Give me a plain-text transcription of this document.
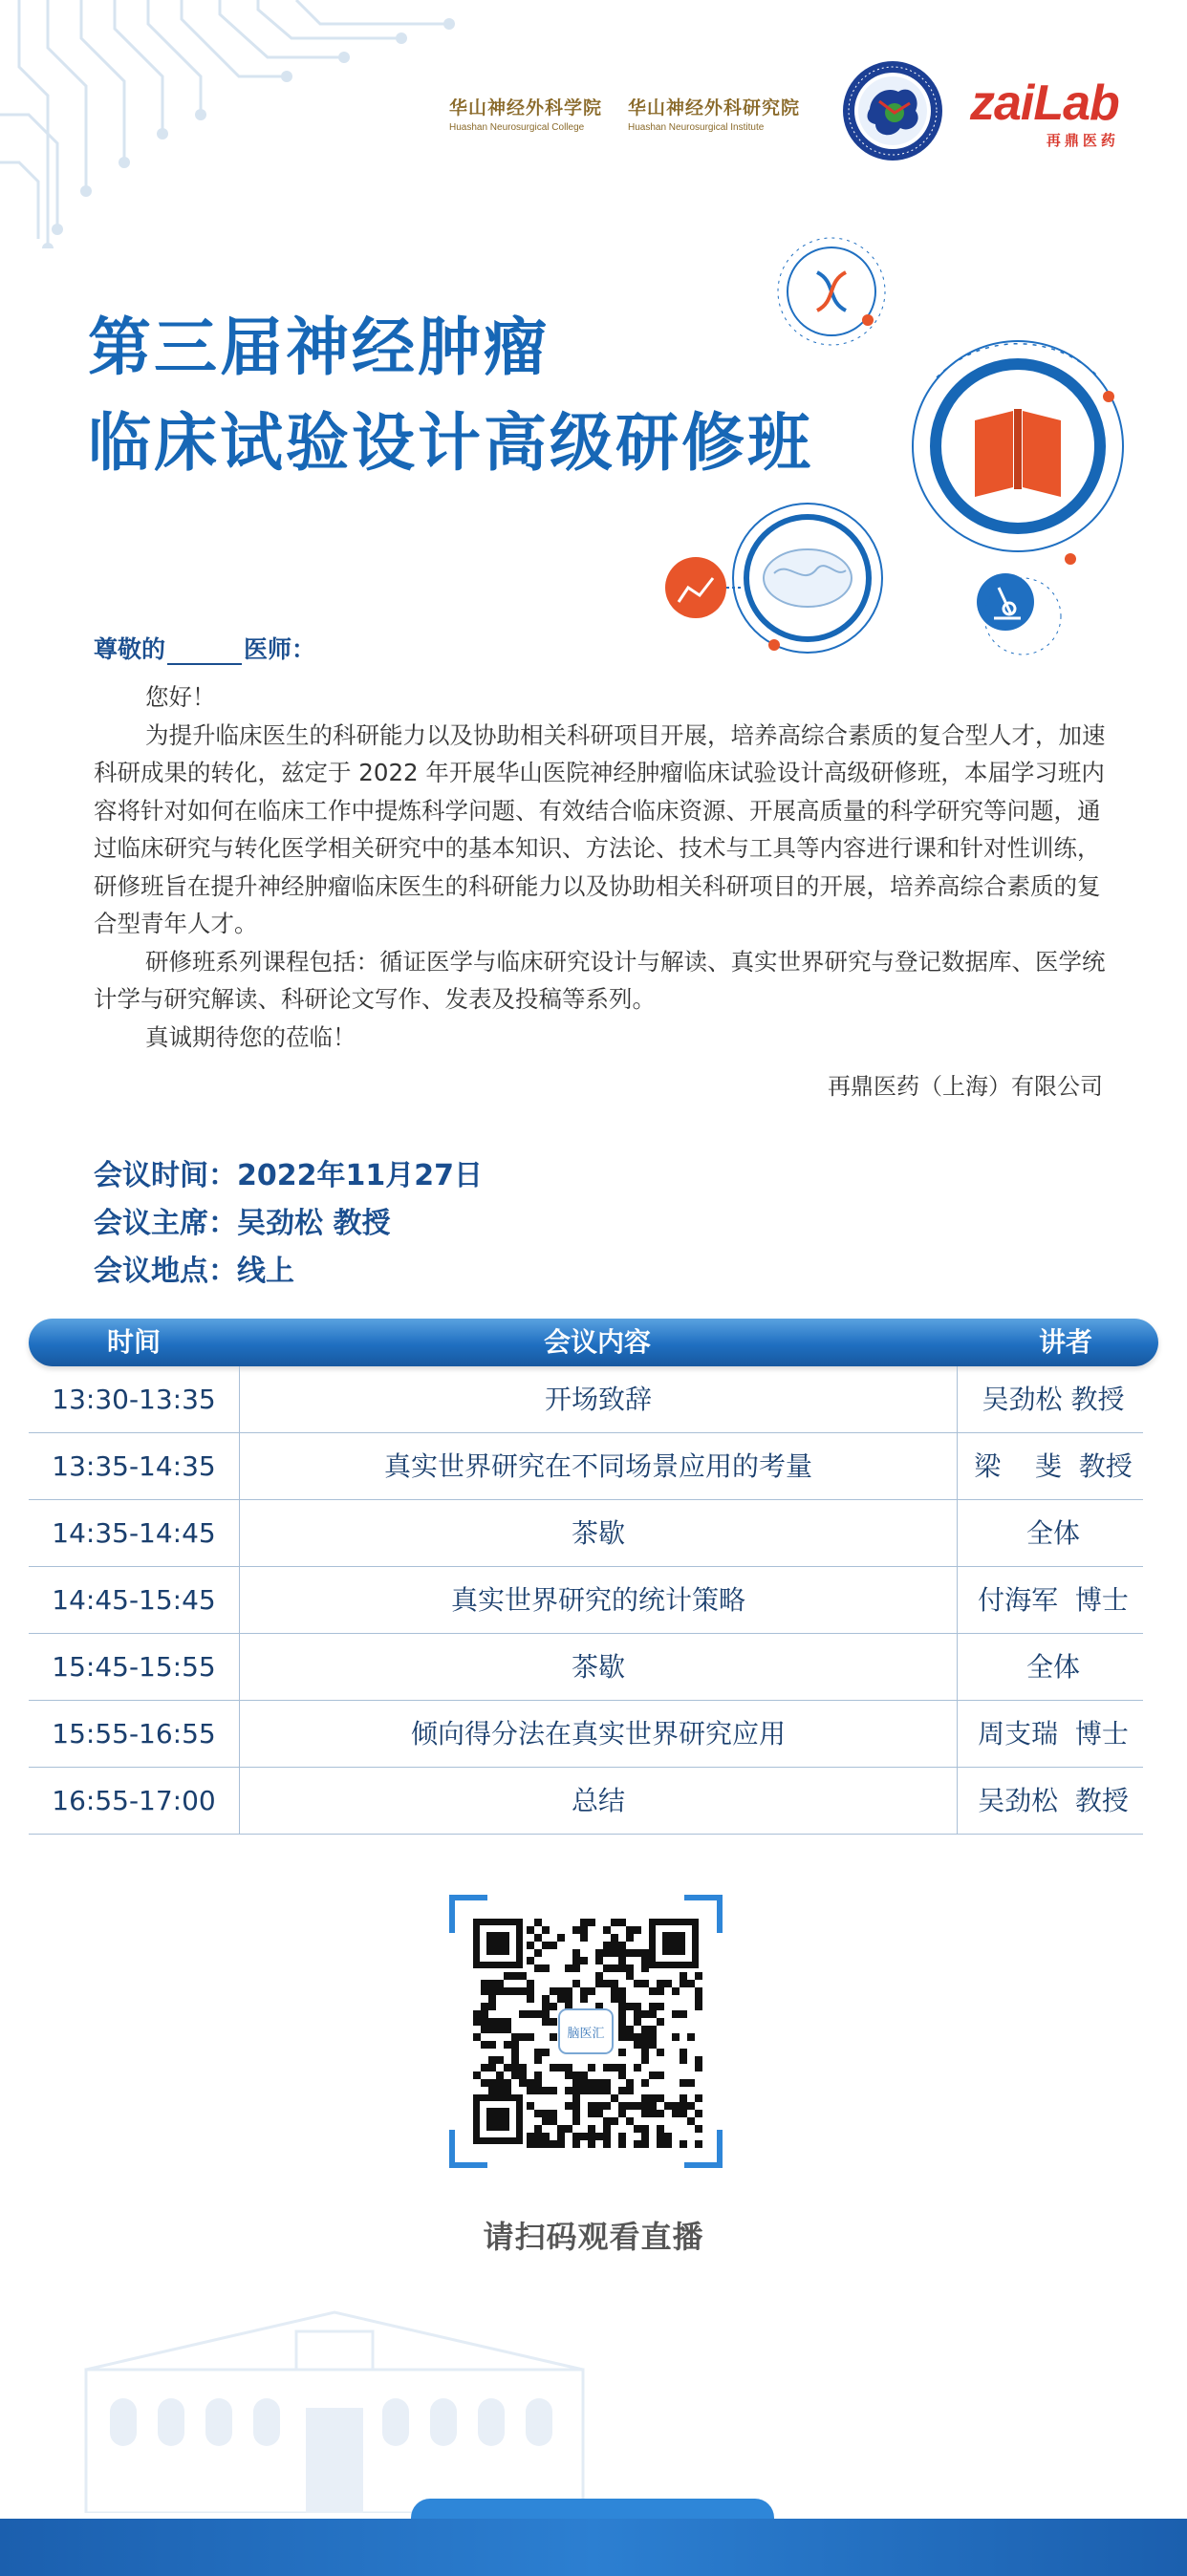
华山神经外科学院
Huashan Neurosurgical College
华山神经外科研究院
Huashan Neurosurgical Institute	zaiLab
再鼎医药
第三届神经肿瘤
临床试验设计高级研修班
尊敬的	医师：

您好！

为提升临床医生的科研能力以及协助相关科研项目开展，培养高综合素质的复合型人才，加速科研成果的转化，兹定于 2022 年开展华山医院神经肿瘤临床试验设计高级研修班，本届学习班内容将针对如何在临床工作中提炼科学问题、有效结合临床资源、开展高质量的科学研究等问题，通过临床研究与转化医学相关研究中的基本知识、方法论、技术与工具等内容进行课和针对性训练，研修班旨在提升神经肿瘤临床医生的科研能力以及协助相关科研项目的开展，培养高综合素质的复合型青年人才。

研修班系列课程包括：循证医学与临床研究设计与解读、真实世界研究与登记数据库、医学统计学与研究解读、科研论文写作、发表及投稿等系列。

真诚期待您的莅临！

再鼎医药（上海）有限公司
会议时间：2022年11月27日
会议主席：吴劲松 教授
会议地点：线上
时间	会议内容	讲者
13:30-13:35	开场致辞	吴劲松 教授
13:35-14:35	真实世界研究在不同场景应用的考量	梁    斐  教授
14:35-14:45	茶歇	全体
14:45-15:45	真实世界研究的统计策略	付海军  博士
15:45-15:55	茶歇	全体
15:55-16:55	倾向得分法在真实世界研究应用	周支瑞  博士
16:55-17:00	总结	吴劲松  教授
脑医汇
请扫码观看直播
